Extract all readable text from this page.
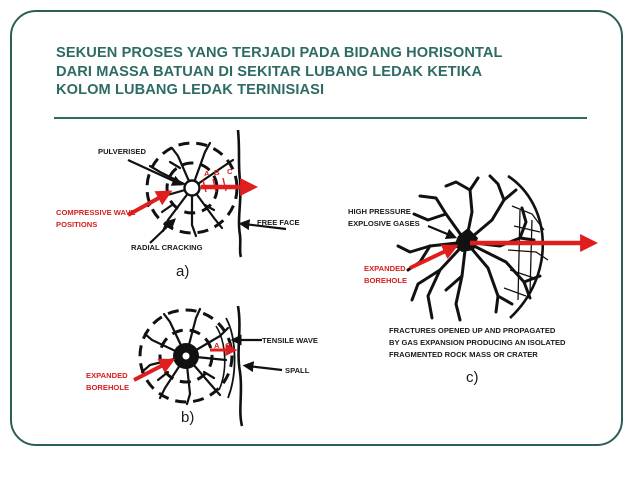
SEKUEN PROSES YANG TERJADI PADA BIDANG HORISONTAL
DARI MASSA BATUAN DI SEKITAR LUBANG LEDAK KETIKA
KOLOM LUBANG LEDAK TERINISIASI
A B C
PULVERISED
COMPRESSIVE WAVE
POSITIONS
RADIAL CRACKING
FREE FACE
a)
A B
TENSILE WAVE
SPALL
EXPANDED
BOREHOLE
b)
HIGH PRESSURE
EXPLOSIVE GASES
EXPANDED
BOREHOLE
FRACTURES OPENED UP AND PROPAGATED
BY GAS EXPANSION PRODUCING AN ISOLATED
FRAGMENTED ROCK MASS OR CRATER
c)
